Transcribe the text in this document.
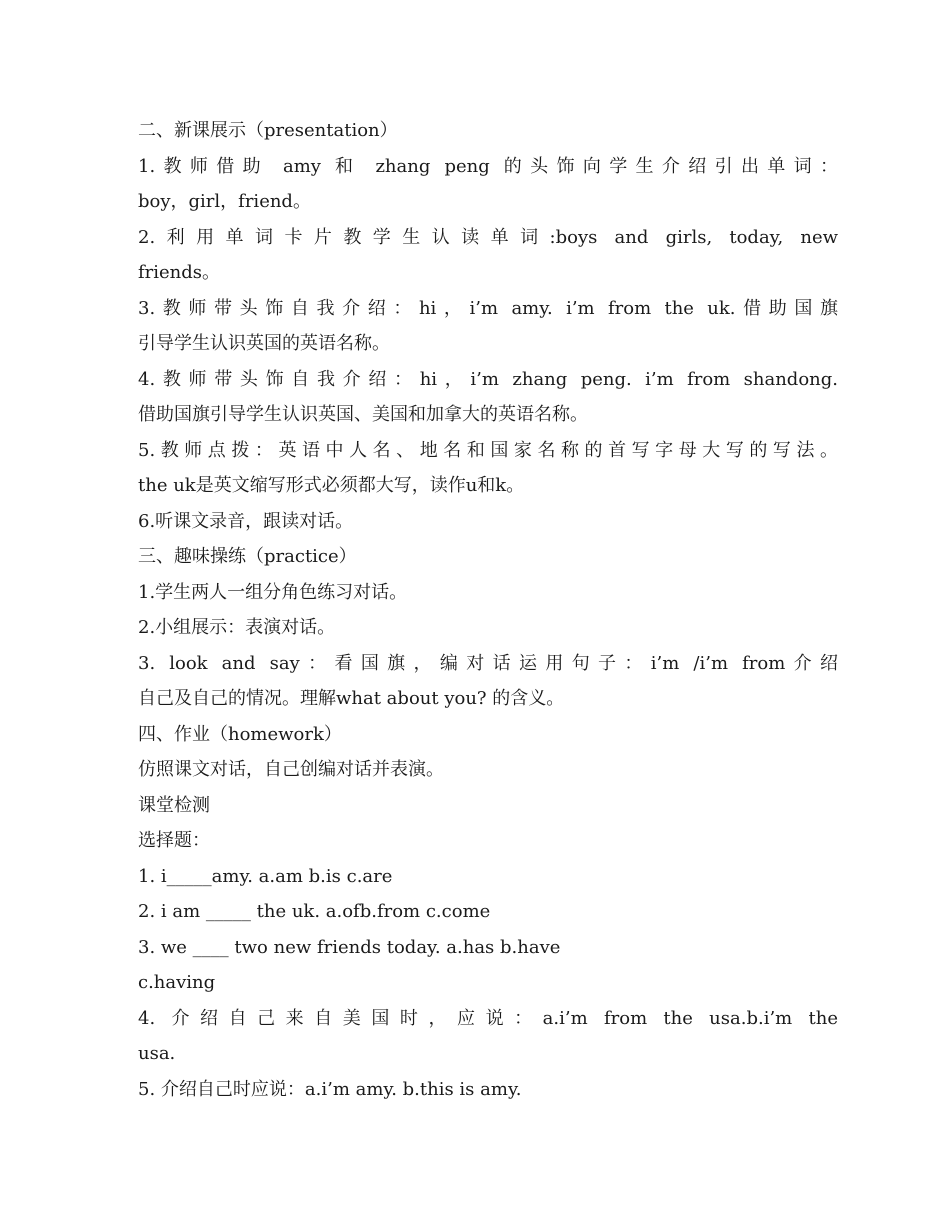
二、新课展示（presentation）
1.教师借助 amy 和 zhang peng 的头饰向学生介绍引出单词：
boy，girl，friend。
2.利用单词卡片教学生认读单词:boys and girls, today, new
friends。
3.教师带头饰自我介绍：hi，i’m amy. i’m from the uk.借助国旗
引导学生认识英国的英语名称。
4.教师带头饰自我介绍：hi，i’m zhang peng. i’m from shandong.
借助国旗引导学生认识英国、美国和加拿大的英语名称。
5.教师点拨：英语中人名、地名和国家名称的首写字母大写的写法。
the uk是英文缩写形式必须都大写，读作u和k。
6.听课文录音，跟读对话。
三、趣味操练（practice）
1.学生两人一组分角色练习对话。
2.小组展示：表演对话。
3. look and say：看国旗，编对话运用句子：i’m /i’m from介绍
自己及自己的情况。理解what about you? 的含义。
四、作业（homework）
仿照课文对话，自己创编对话并表演。
课堂检测
选择题：
1. i_____amy. a.am b.is c.are
2. i am _____ the uk. a.ofb.from c.come
3. we ____ two new friends today. a.has b.have
c.having
4. 介绍自己来自美国时，应说：a.i’m from the usa.b.i’m the
usa.
5. 介绍自己时应说：a.i’m amy. b.this is amy.
